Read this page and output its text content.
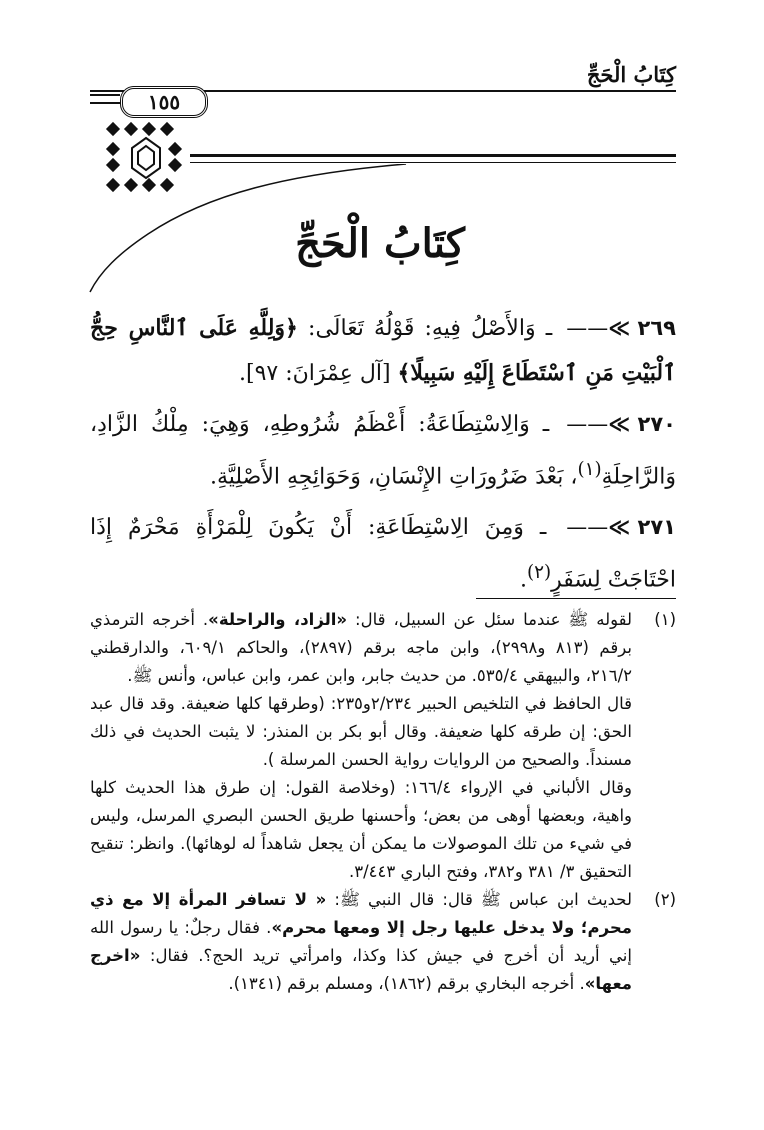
كِتَابُ الْحَجِّ
١٥٥
كِتَابُ الْحَجِّ

——≪ ٢٦٩ ـ وَالأَصْلُ فِيهِ: قَوْلُهُ تَعَالَى: ﴿وَلِلَّهِ عَلَى ٱلنَّاسِ حِجُّ ٱلْبَيْتِ مَنِ ٱسْتَطَاعَ إِلَيْهِ سَبِيلًا﴾ [آل عِمْرَانَ: ٩٧].

——≪ ٢٧٠ ـ وَالِاسْتِطَاعَةُ: أَعْظَمُ شُرُوطِهِ، وَهِيَ: مِلْكُ الزَّادِ، وَالرَّاحِلَةِ$^{(١)}$، بَعْدَ ضَرُورَاتِ الإِنْسَانِ، وَحَوَائِجِهِ الأَصْلِيَّةِ.

——≪ ٢٧١ ـ وَمِنَ الِاسْتِطَاعَةِ: أَنْ يَكُونَ لِلْمَرْأَةِ مَحْرَمٌ إِذَا احْتَاجَتْ لِسَفَرٍ$^{(٢)}$.

(١)

لقوله ﷺ عندما سئل عن السبيل، قال: «الزاد، والراحلة». أخرجه الترمذي برقم (٨١٣ و٢٩٩٨)، وابن ماجه برقم (٢٨٩٧)، والحاكم ٦٠٩/١، والدارقطني ٢١٦/٢، والبيهقي ٥٣٥/٤. من حديث جابر، وابن عمر، وابن عباس، وأنس ﷺ.

قال الحافظ في التلخيص الحبير ٢/٢٣٤و٢٣٥: (وطرقها كلها ضعيفة. وقد قال عبد الحق: إن طرقه كلها ضعيفة. وقال أبو بكر بن المنذر: لا يثبت الحديث في ذلك مسنداً. والصحيح من الروايات رواية الحسن المرسلة ).

وقال الألباني في الإرواء ١٦٦/٤: (وخلاصة القول: إن طرق هذا الحديث كلها واهية، وبعضها أوهى من بعض؛ وأحسنها طريق الحسن البصري المرسل، وليس في شيء من تلك الموصولات ما يمكن أن يجعل شاهداً له لوهائها). وانظر: تنقيح التحقيق ٣/ ٣٨١ و٣٨٢، وفتح الباري ٣/٤٤٣.

(٢)

لحديث ابن عباس ﷺ قال: قال النبي ﷺ: « لا تسافر المرأة إلا مع ذي محرم؛ ولا يدخل عليها رجل إلا ومعها محرم». فقال رجلٌ: يا رسول الله إني أريد أن أخرج في جيش كذا وكذا، وامرأتي تريد الحج؟. فقال: «اخرج معها». أخرجه البخاري برقم (١٨٦٢)، ومسلم برقم (١٣٤١).
